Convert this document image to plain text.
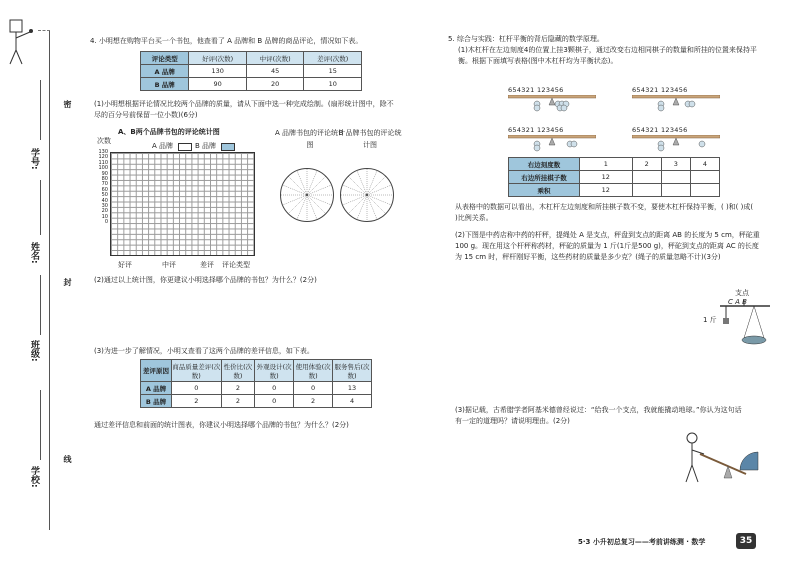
密
封
线
学号:
姓名:
班级:
学校:
4. 小明想在购物平台买一个书包，他查看了 A 品牌和 B 品牌的商品评论，情况如下表。
评论类型	好评(次数)	中评(次数)	差评(次数)
A 品牌	130	45	15
B 品牌	90	20	10
(1)小明想根据评论情况比较两个品牌的质量，请从下面中选一种完成绘制。(扇形统计图中，除不尽的百分号前保留一位小数)(6分)
A、B两个品牌书包的评论统计图
次数
A 品牌	B 品牌
130
120
110
100
90
80
70
60
50
40
30
20
10
0
好评	中评	差评 评论类型
A 品牌书包的评论统计图
B 品牌书包的评论统计图
(2)通过以上统计图，你更建议小明选择哪个品牌的书包？为什么？(2分)
(3)为进一步了解情况，小明又查看了这两个品牌的差评信息，如下表。
差评原因	商品质量差评(次数)	性价比(次数)	外观设计(次数)	使用体验(次数)	服务售后(次数)
A 品牌	0	2	0	0	13
B 品牌	2	2	0	2	4
通过差评信息和前面的统计图表，你建议小明选择哪个品牌的书包？为什么？(2分)
5. 综合与实践：杠杆平衡的背后隐藏的数学原理。
(1)木杠杆在左边刻度4的位置上挂3颗棋子，通过改变右边相同棋子的数量和所挂的位置来保持平衡。根据下面填写表格(图中木杠杆均为平衡状态)。
654321 123456	654321 123456
654321 123456	654321 123456
右边刻度数	1	2	3	4
右边所挂棋子数	12			
乘积	12			
从表格中的数据可以看出，木杠杆左边刻度和所挂棋子数不变，要使木杠杆保持平衡，( )和( )成( )比例关系。
(2)下图是中药店称中药的杆秤，提绳处 A 是支点，秤盘到支点的距离 AB 的长度为 5 cm，秤砣重 100 g。现在用这个杆秤称药材，秤砣的质量为 1 斤(1斤是500 g)，秤砣到支点的距离 AC 的长度为 15 cm 时，秤杆刚好平衡，这些药材的质量是多少克？(绳子的质量忽略不计)(3分)
支点
C A B
1 斤
(3)据记载，古希腊学者阿基米德曾经说过：“给我一个支点，我就能撬动地球。”你认为这句话有一定的道理吗？请说明理由。(2分)
5·3 小升初总复习——考前讲练测 · 数学	35
